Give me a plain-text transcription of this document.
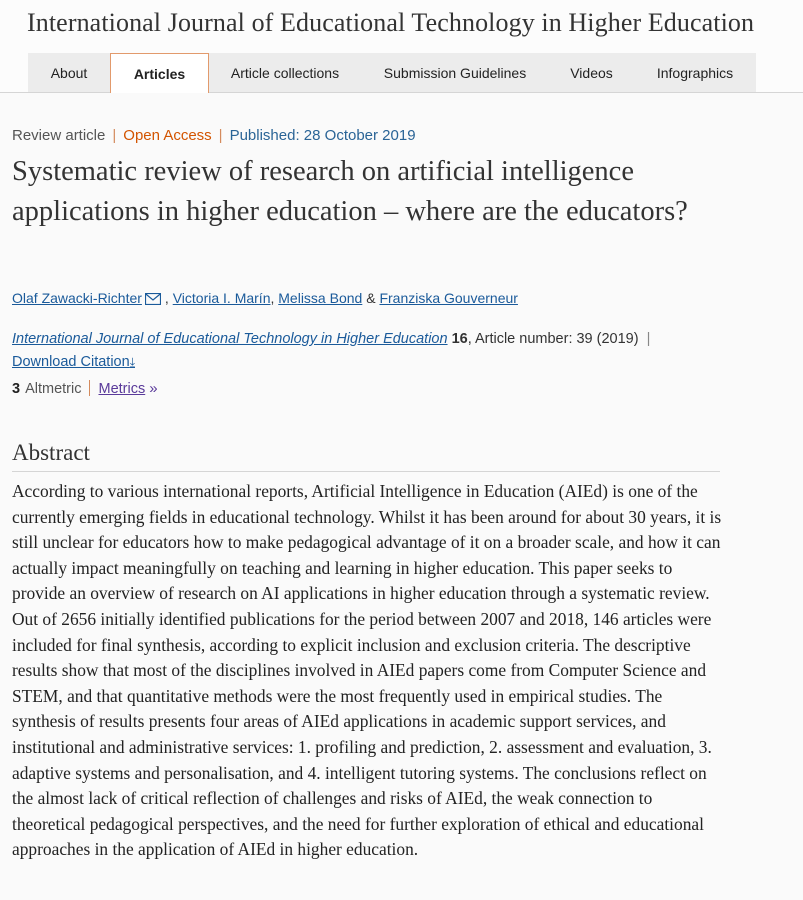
International Journal of Educational Technology in Higher Education
About	Articles	Article collections	Submission Guidelines	Videos	Infographics
Review article | Open Access | Published: 28 October 2019
Systematic review of research on artificial intelligence applications in higher education – where are the educators?
Olaf Zawacki-Richter , Victoria I. Marín, Melissa Bond & Franziska Gouverneur
International Journal of Educational Technology in Higher Education 16, Article number: 39 (2019) |
Download Citation⤓
3 Altmetric Metrics »
Abstract
According to various international reports, Artificial Intelligence in Education (AIEd) is one of the currently emerging fields in educational technology. Whilst it has been around for about 30 years, it is still unclear for educators how to make pedagogical advantage of it on a broader scale, and how it can actually impact meaningfully on teaching and learning in higher education. This paper seeks to provide an overview of research on AI applications in higher education through a systematic review. Out of 2656 initially identified publications for the period between 2007 and 2018, 146 articles were included for final synthesis, according to explicit inclusion and exclusion criteria. The descriptive results show that most of the disciplines involved in AIEd papers come from Computer Science and STEM, and that quantitative methods were the most frequently used in empirical studies. The synthesis of results presents four areas of AIEd applications in academic support services, and institutional and administrative services: 1. profiling and prediction, 2. assessment and evaluation, 3. adaptive systems and personalisation, and 4. intelligent tutoring systems. The conclusions reflect on the almost lack of critical reflection of challenges and risks of AIEd, the weak connection to theoretical pedagogical perspectives, and the need for further exploration of ethical and educational approaches in the application of AIEd in higher education.
